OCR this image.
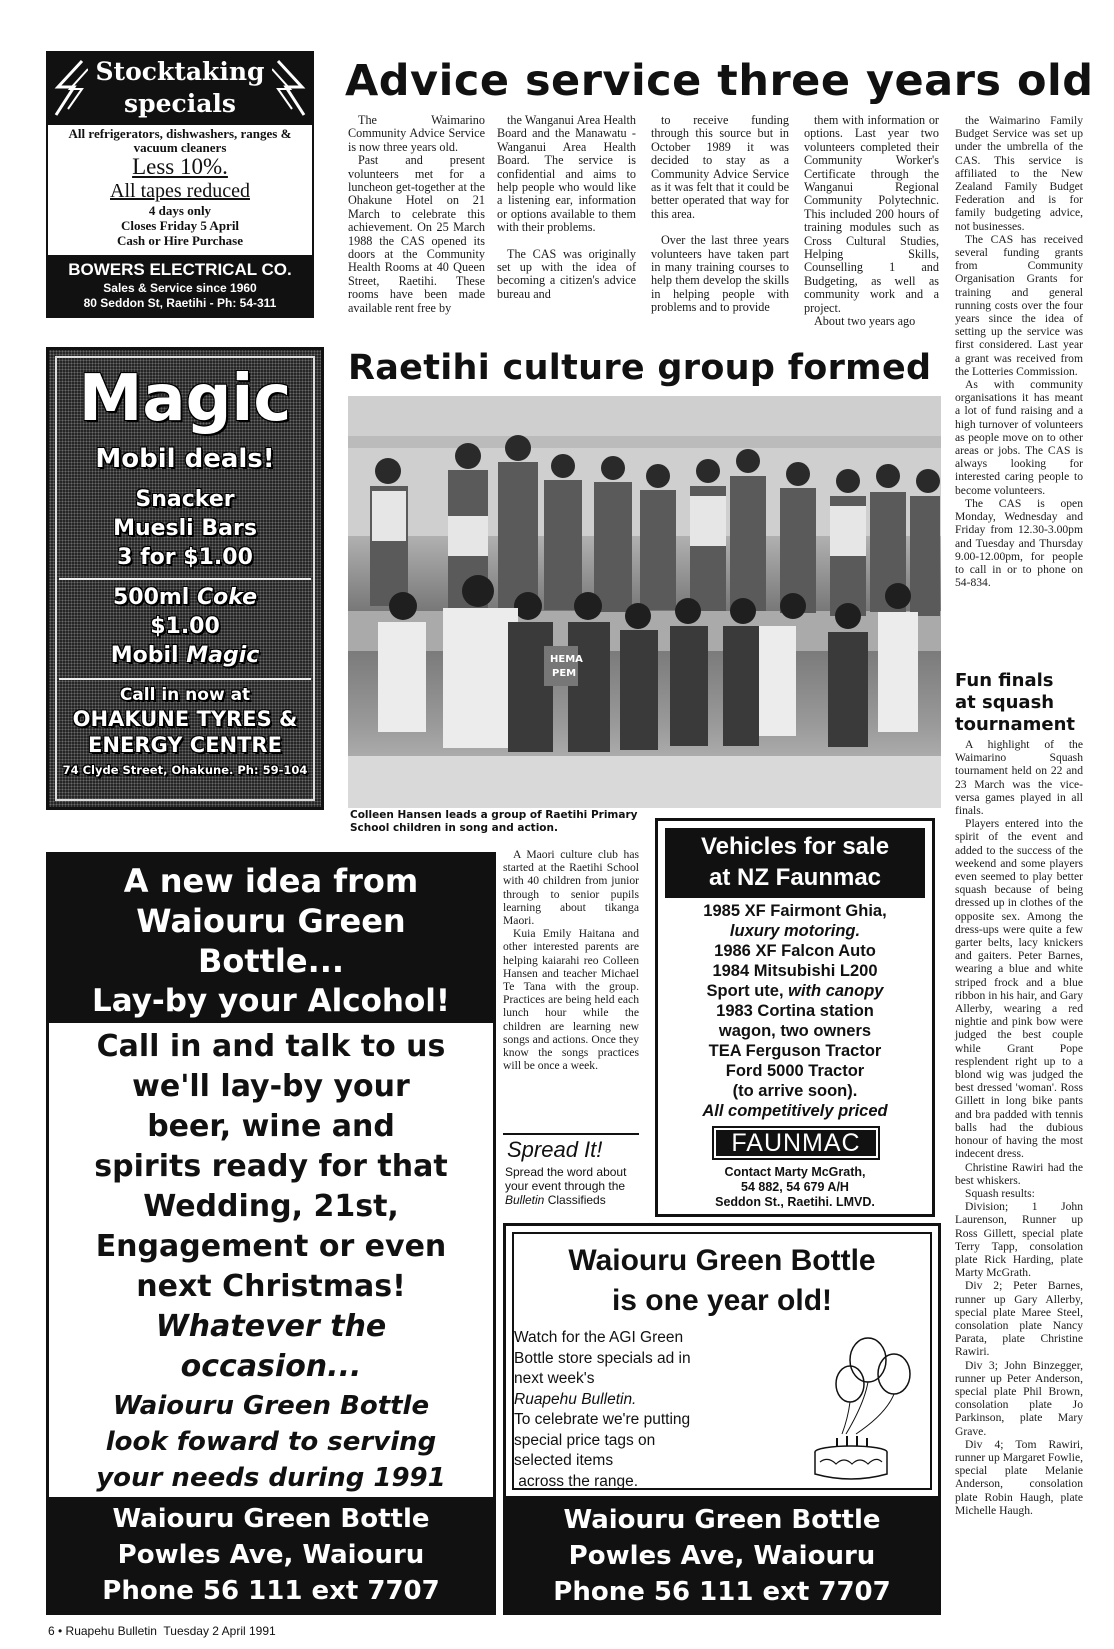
Stocktaking
specials
All refrigerators, dishwashers, ranges & vacuum cleaners
Less 10%.
All tapes reduced
4 days only
Closes Friday 5 April
Cash or Hire Purchase
BOWERS ELECTRICAL CO.
Sales & Service since 1960
80 Seddon St, Raetihi - Ph: 54-311
Magic
Mobil deals!
Snacker
Muesli Bars
3 for $1.00
500ml Coke
$1.00
Mobil Magic
Call in now at
OHAKUNE TYRES &
ENERGY CENTRE
74 Clyde Street, Ohakune. Ph: 59-104
Advice service three years old

The Waimarino Community Advice Service is now three years old.

Past and present volunteers met for a luncheon get-together at the Ohakune Hotel on 21 March to celebrate this achievement. On 25 March 1988 the CAS opened its doors at the Community Health Rooms at 40 Queen Street, Raetihi. These rooms have been made available rent free by

the Wanganui Area Health Board and the Manawatu - Wanganui Area Health Board. The service is confidential and aims to help people who would like a listening ear, information or options available to them with their problems.

The CAS was originally set up with the idea of becoming a citizen's advice bureau and

to receive funding through this source but in October 1989 it was decided to stay as a Community Advice Service as it was felt that it could be better operated that way for this area.

Over the last three years volunteers have taken part in many training courses to help them develop the skills in helping people with problems and to provide

them with information or options. Last year two volunteers completed their Community Worker's Certificate through the Wanganui Regional Community Polytechnic. This included 200 hours of training modules such as Cross Cultural Studies, Helping Skills, Counselling 1 and Budgeting, as well as community work and a project.

About two years ago

the Waimarino Family Budget Service was set up under the umbrella of the CAS. This service is affiliated to the New Zealand Family Budget Federation and is for family budgeting advice, not businesses.

The CAS has received several funding grants from Community Organisation Grants for training and general running costs over the four years since the idea of setting up the service was first considered. Last year a grant was received from the Lotteries Commission.

As with community organisations it has meant a lot of fund raising and a high turnover of volunteers as people move on to other areas or jobs. The CAS is always looking for interested caring people to become volunteers.

The CAS is open Monday, Wednesday and Friday from 12.30-3.00pm and Tuesday and Thursday 9.00-12.00pm, for people to call in or to phone on 54-834.

Fun finals
at squash
tournament

A highlight of the Waimarino Squash tournament held on 22 and 23 March was the vice-versa games played in all finals.

Players entered into the spirit of the event and added to the success of the weekend and some players even seemed to play better squash because of being dressed up in clothes of the opposite sex. Among the dress-ups were quite a few garter belts, lacy knickers and gaiters. Peter Barnes, wearing a blue and white striped frock and a blue ribbon in his hair, and Gary Allerby, wearing a red nightie and pink bow were judged the best couple while Grant Pope resplendent right up to a blond wig was judged the best dressed 'woman'. Ross Gillett in long bike pants and bra padded with tennis balls had the dubious honour of having the most indecent dress.

Christine Rawiri had the best whiskers.

Squash results:

Division; 1 John Laurenson, Runner up Ross Gillett, special plate Terry Tapp, consolation plate Rick Harding, plate Marty McGrath.

Div 2; Peter Barnes, runner up Gary Allerby, special plate Maree Steel, consolation plate Nancy Parata, plate Christine Rawiri.

Div 3; John Binzegger, runner up Peter Anderson, special plate Phil Brown, consolation plate Jo Parkinson, plate Mary Grave.

Div 4; Tom Rawiri, runner up Margaret Fowlie, special plate Melanie Anderson, consolation plate Robin Haugh, plate Michelle Haugh.

Raetihi culture group formed
HEMA
PEM
Colleen Hansen leads a group of Raetihi Primary School children in song and action.

A Maori culture club has started at the Raetihi School with 40 children from junior through to senior pupils learning about tikanga Maori.

Kuia Emily Haitana and other interested parents are helping kaiarahi reo Colleen Hansen and teacher Michael Te Tana with the group. Practices are being held each lunch hour while the children are learning new songs and actions. Once they know the songs practices will be once a week.

Spread It!
Spread the word about your event through the Bulletin Classifieds
A new idea from
Waiouru Green
Bottle...
Lay-by your Alcohol!
Call in and talk to us
we'll lay-by your
beer, wine and
spirits ready for that
Wedding, 21st,
Engagement or even
next Christmas!
Whatever the
occasion...
Waiouru Green Bottle
look foward to serving
your needs during 1991
Waiouru Green Bottle
Powles Ave, Waiouru
Phone 56 111 ext 7707
Vehicles for sale
at NZ Faunmac
1985 XF Fairmont Ghia,
luxury motoring.
1986 XF Falcon Auto
1984 Mitsubishi L200
Sport ute, with canopy
1983 Cortina station
wagon, two owners
TEA Ferguson Tractor
Ford 5000 Tractor
(to arrive soon).
All competitively priced
FAUNMAC
Contact Marty McGrath,
54 882, 54 679 A/H
Seddon St., Raetihi. LMVD.
Waiouru Green Bottle
is one year old!
Watch for the AGI Green
Bottle store specials ad in
next week's
Ruapehu Bulletin.
To celebrate we're putting
special price tags on
selected items
across the range.
Waiouru Green Bottle
Powles Ave, Waiouru
Phone 56 111 ext 7707
6 • Ruapehu Bulletin  Tuesday 2 April 1991
